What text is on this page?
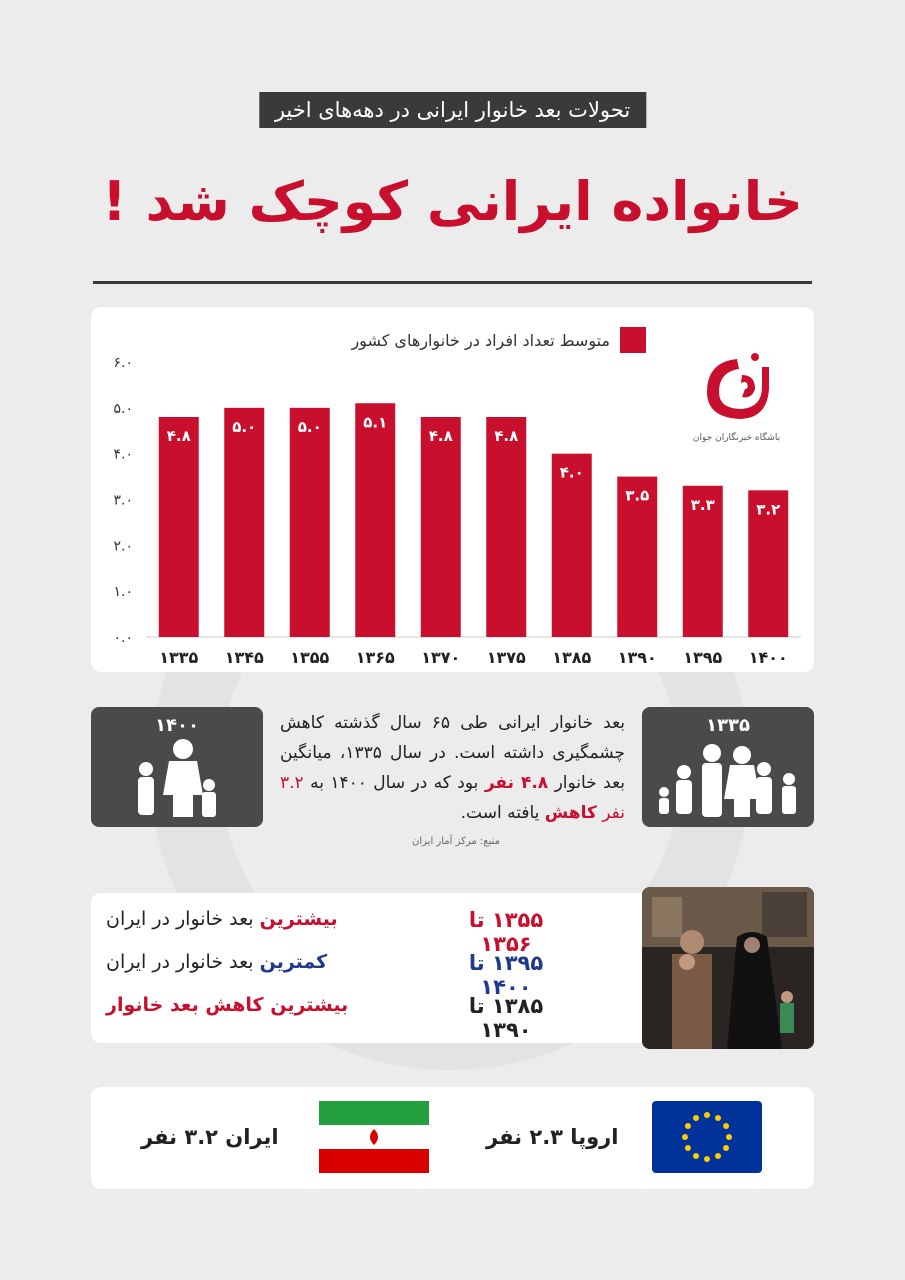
تحولات بعد خانوار ایرانی در دهه‌های اخیر
خانواده ایرانی کوچک شد !
۰.۰
۱.۰
۲.۰
۳.۰
۴.۰
۵.۰
۶.۰
۴.۸
۱۳۳۵
۵.۰
۱۳۴۵
۵.۰
۱۳۵۵
۵.۱
۱۳۶۵
۴.۸
۱۳۷۰
۴.۸
۱۳۷۵
۴.۰
۱۳۸۵
۳.۵
۱۳۹۰
۳.۳
۱۳۹۵
۳.۲
۱۴۰۰
متوسط تعداد افراد در خانوارهای کشور
باشگاه خبرنگاران جوان
۱۳۳۵
۱۴۰۰	بعد خانوار ایرانی طی ۶۵ سال گذشته کاهش چشمگیری داشته است. در سال ۱۳۳۵، میانگین بعد خانوار ۴.۸ نفر بود که در سال ۱۴۰۰ به ۳.۲ نفر کاهش یافته است.
منبع: مرکز آمار ایران
۱۳۵۵ تا ۱۳۵۶
بیشترین بعد خانوار در ایران
۱۳۹۵ تا ۱۴۰۰
کمترین بعد خانوار در ایران
۱۳۸۵ تا ۱۳۹۰
بیشترین کاهش بعد خانوار
اروپا ۲.۳ نفر
ایران ۳.۲ نفر
